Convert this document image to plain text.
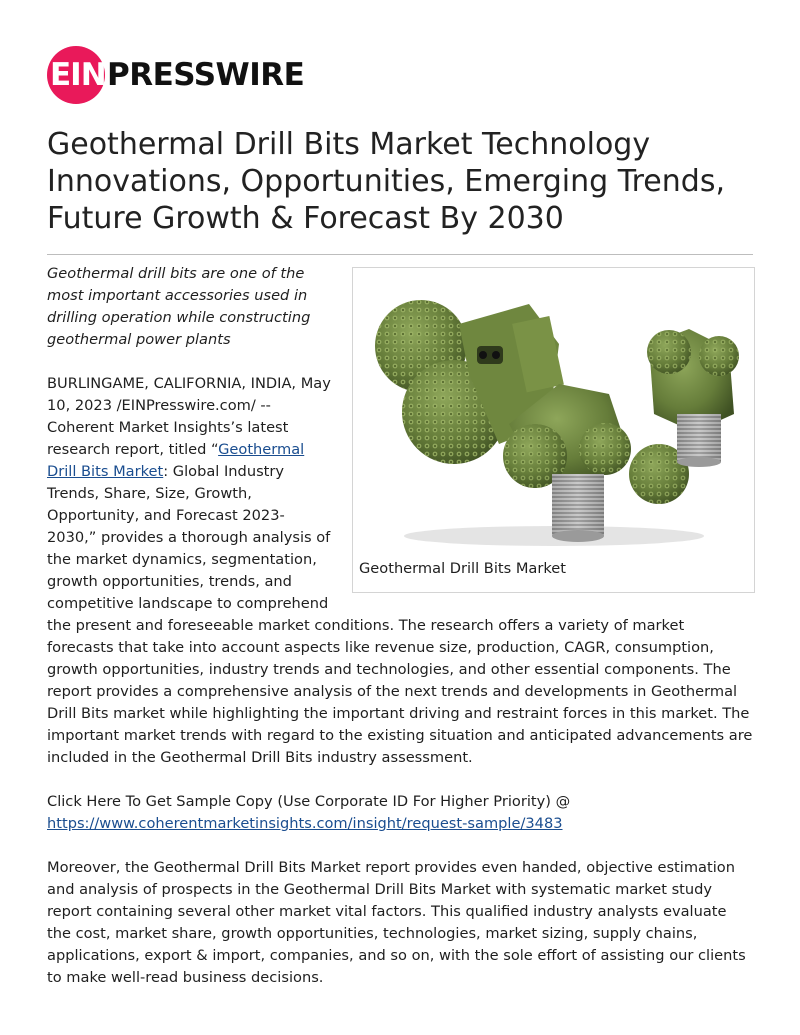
EIN PRESSWIRE
Geothermal Drill Bits Market Technology Innovations, Opportunities, Emerging Trends, Future Growth & Forecast By 2030
Geothermal Drill Bits Market

Geothermal drill bits are one of the most important accessories used in drilling operation while constructing geothermal power plants

BURLINGAME, CALIFORNIA, INDIA, May 10, 2023 /EINPresswire.com/ -- Coherent Market Insights’s latest research report, titled “Geothermal Drill Bits Market: Global Industry Trends, Share, Size, Growth, Opportunity, and Forecast 2023-2030,” provides a thorough analysis of the market dynamics, segmentation, growth opportunities, trends, and competitive landscape to comprehend the present and foreseeable market conditions. The research offers a variety of market forecasts that take into account aspects like revenue size, production, CAGR, consumption, growth opportunities, industry trends and technologies, and other essential components. The report provides a comprehensive analysis of the next trends and developments in Geothermal Drill Bits market while highlighting the important driving and restraint forces in this market. The important market trends with regard to the existing situation and anticipated advancements are included in the Geothermal Drill Bits industry assessment.

Click Here To Get Sample Copy (Use Corporate ID For Higher Priority) @
https://www.coherentmarketinsights.com/insight/request-sample/3483

Moreover, the Geothermal Drill Bits Market report provides even handed, objective estimation and analysis of prospects in the Geothermal Drill Bits Market with systematic market study report containing several other market vital factors. This qualified industry analysts evaluate the cost, market share, growth opportunities, technologies, market sizing, supply chains, applications, export & import, companies, and so on, with the sole effort of assisting our clients to make well-read business decisions.
